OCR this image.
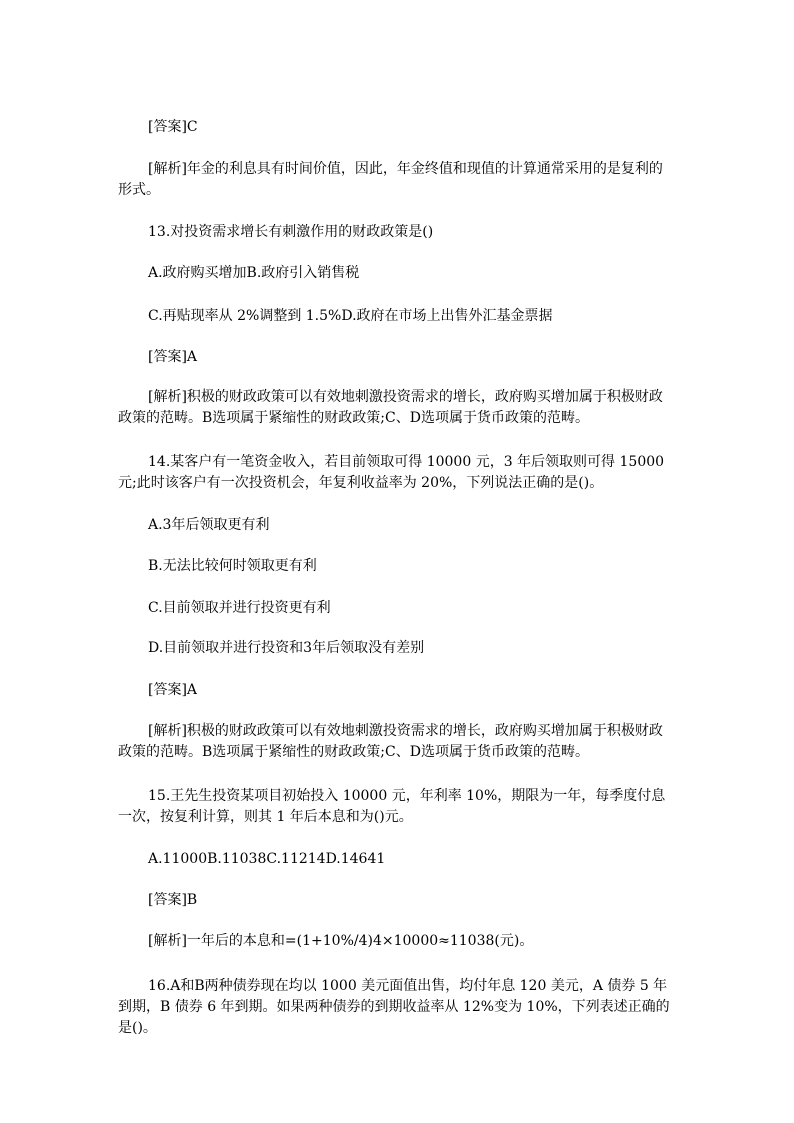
[答案]C

[解析]年金的利息具有时间价值，因此，年金终值和现值的计算通常采用的是复利的形式。

13.对投资需求增长有刺激作用的财政政策是()

A.政府购买增加B.政府引入销售税

C.再贴现率从 2%调整到 1.5%D.政府在市场上出售外汇基金票据

[答案]A

[解析]积极的财政政策可以有效地刺激投资需求的增长，政府购买增加属于积极财政政策的范畴。B选项属于紧缩性的财政政策;C、D选项属于货币政策的范畴。

14.某客户有一笔资金收入，若目前领取可得 10000 元，3 年后领取则可得 15000 元;此时该客户有一次投资机会，年复利收益率为 20%，下列说法正确的是()。

A.3年后领取更有利

B.无法比较何时领取更有利

C.目前领取并进行投资更有利

D.目前领取并进行投资和3年后领取没有差别

[答案]A

[解析]积极的财政政策可以有效地刺激投资需求的增长，政府购买增加属于积极财政政策的范畴。B选项属于紧缩性的财政政策;C、D选项属于货币政策的范畴。

15.王先生投资某项目初始投入 10000 元，年利率 10%，期限为一年，每季度付息一次，按复利计算，则其 1 年后本息和为()元。

A.11000B.11038C.11214D.14641

[答案]B

[解析]一年后的本息和=(1+10%/4)4×10000≈11038(元)。

16.A和B两种债券现在均以 1000 美元面值出售，均付年息 120 美元，A 债券 5 年到期，B 债券 6 年到期。如果两种债券的到期收益率从 12%变为 10%，下列表述正确的是()。
